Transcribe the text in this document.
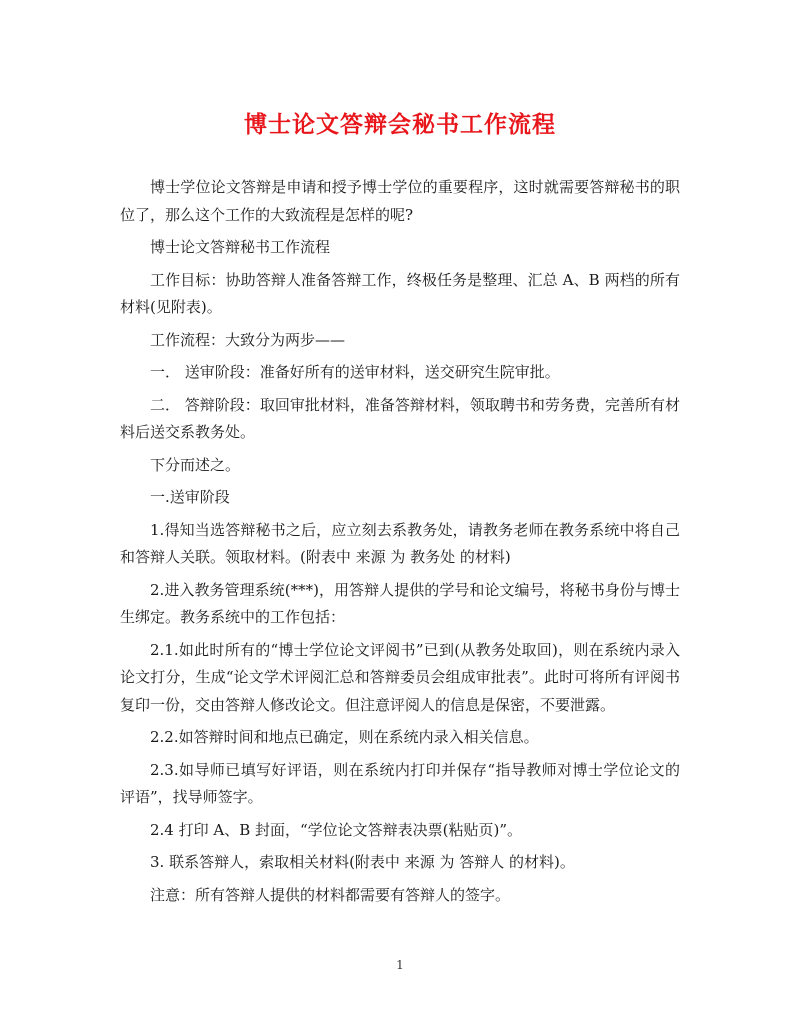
博士论文答辩会秘书工作流程

博士学位论文答辩是申请和授予博士学位的重要程序，这时就需要答辩秘书的职位了，那么这个工作的大致流程是怎样的呢?

博士论文答辩秘书工作流程

工作目标：协助答辩人准备答辩工作，终极任务是整理、汇总 A、B 两档的所有材料(见附表)。

工作流程：大致分为两步——

一． 送审阶段：准备好所有的送审材料，送交研究生院审批。

二． 答辩阶段：取回审批材料，准备答辩材料，领取聘书和劳务费，完善所有材料后送交系教务处。

下分而述之。

一.送审阶段

1.得知当选答辩秘书之后，应立刻去系教务处，请教务老师在教务系统中将自己和答辩人关联。领取材料。(附表中 来源 为 教务处 的材料)

2.进入教务管理系统(***)，用答辩人提供的学号和论文编号，将秘书身份与博士生绑定。教务系统中的工作包括：

2.1.如此时所有的“博士学位论文评阅书”已到(从教务处取回)，则在系统内录入论文打分，生成“论文学术评阅汇总和答辩委员会组成审批表”。此时可将所有评阅书复印一份，交由答辩人修改论文。但注意评阅人的信息是保密，不要泄露。

2.2.如答辩时间和地点已确定，则在系统内录入相关信息。

2.3.如导师已填写好评语，则在系统内打印并保存“指导教师对博士学位论文的评语”，找导师签字。

2.4 打印 A、B 封面，“学位论文答辩表决票(粘贴页)”。

3. 联系答辩人，索取相关材料(附表中 来源 为 答辩人 的材料)。

注意：所有答辩人提供的材料都需要有答辩人的签字。

1
